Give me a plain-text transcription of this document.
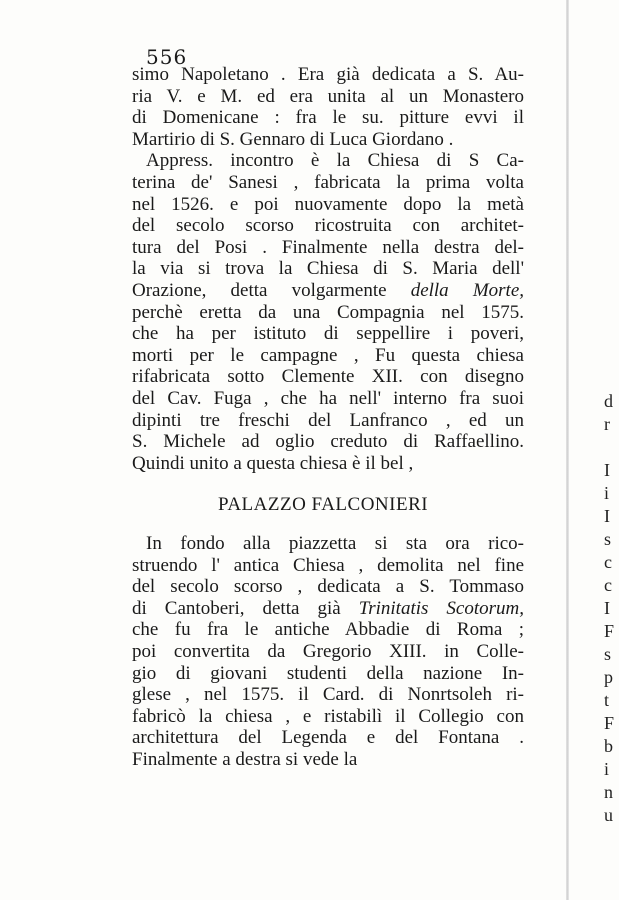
556
simo Napoletano . Era già dedicata a S. Au-
ria V. e M. ed era unita al un Monastero
di Domenicane : fra le su. pitture evvi il
Martirio di S. Gennaro di Luca Giordano .
Appress. incontro è la Chiesa di S Ca-
terina de' Sanesi , fabricata la prima volta
nel 1526. e poi nuovamente dopo la metà
del secolo scorso ricostruita con architet-
tura del Posi . Finalmente nella destra del-
la via si trova la Chiesa di S. Maria dell'
Orazione, detta volgarmente della Morte,
perchè eretta da una Compagnia nel 1575.
che ha per istituto di seppellire i poveri,
morti per le campagne , Fu questa chiesa
rifabricata sotto Clemente XII. con disegno
del Cav. Fuga , che ha nell' interno fra suoi
dipinti tre freschi del Lanfranco , ed un
S. Michele ad oglio creduto di Raffaellino.
Quindi unito a questa chiesa è il bel ,
PALAZZO FALCONIERI
In fondo alla piazzetta si sta ora rico-
struendo l' antica Chiesa , demolita nel fine
del secolo scorso , dedicata a S. Tommaso
di Cantoberi, detta già Trinitatis Scotorum,
che fu fra le antiche Abbadie di Roma ;
poi convertita da Gregorio XIII. in Colle-
gio di giovani studenti della nazione In-
glese , nel 1575. il Card. di Nonrtsoleh ri-
fabricò la chiesa , e ristabilì il Collegio con
architettura del Legenda e del Fontana .
Finalmente a destra si vede la
d
r
I
i
I
s
c
c
I
F
s
p
t
F
b
i
n
u
